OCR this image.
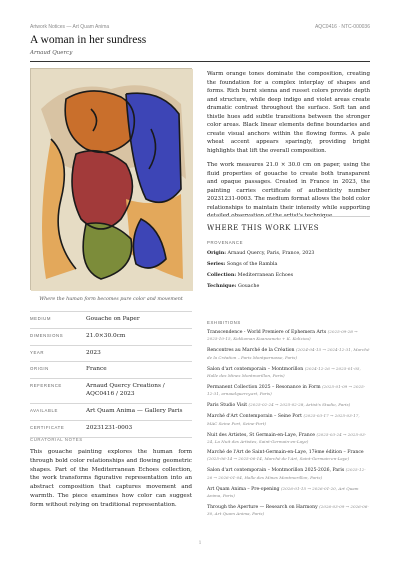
Artwork Notices — Art Quam Anima	AQC0416 · NTC-000036
A woman in her sundress
Arnaud Quercy
Where the human form becomes pure color and movement
MEDIUM	Gouache on Paper
DIMENSIONS	21.0×30.0cm
YEAR	2023
ORIGIN	France
REFERENCE	Arnaud Quercy Creations / AQC0416 / 2023
AVAILABLE	Art Quam Anima — Gallery Paris
CERTIFICATE	20231231-0003
CURATORIAL NOTES
This gouache painting explores the human form through bold color relationships and flowing geometric shapes. Part of the Mediterranean Echoes collection, the work transforms figurative representation into an abstract composition that captures movement and warmth. The piece examines how color can suggest form without relying on traditional representation.

Warm orange tones dominate the composition, creating the foundation for a complex interplay of shapes and forms. Rich burnt sienna and russet colors provide depth and structure, while deep indigo and violet areas create dramatic contrast throughout the surface. Soft tan and thistle hues add subtle transitions between the stronger color areas. Black linear elements define boundaries and create visual anchors within the flowing forms. A pale wheat accent appears sparingly, providing bright highlights that lift the overall composition.

The work measures 21.0 × 30.0 cm on paper, using the fluid properties of gouache to create both transparent and opaque passages. Created in France in 2023, the painting carries certificate of authenticity number 20231231-0003. The medium format allows the bold color relationships to maintain their intensity while supporting detailed observation of the artist's technique.

WHERE THIS WORK LIVES
PROVENANCE
Origin: Arnaud Quercy, Paris, France, 2023
Series: Songs of the Rambla
Collection: Mediterranean Echoes
Technique: Gouache
EXHIBITIONS
Transcendence - World Premiere of Ephemera Arts (2025-09-28 → 2025-10-15, Kokkoman Kuanzaneto + K. Koliziou)
Rencontres au Marché de la Création (2024-04-15 → 2024-12-31, Marché de la Création – Paris Montparnasse, Paris)
Salon d'art contemporain – Montmorillon (2024-12-26 → 2025-01-05, Halle des Mines Montmorillon, Paris)
Permanent Collection 2025 – Resonance in Form (2025-01-09 → 2025-12-31, arnaudquercy.art, Paris)
Paris Studio Visit (2025-02-24 → 2025-02-28, Artist's Studio, Paris)
Marché d'Art Contemporain – Seine Port (2025-03-17 → 2025-03-17, MAC Seine Port, Seine-Port)
Nuit des Artistes, St Germain-en-Laye, France (2025-03-24 → 2025-03-24, La Nuit des Artistes, Saint-Germain-en-Laye)
Marché de l'Art de Saint-Germain-en-Laye, 17ème édition – France (2025-06-14 → 2025-06-14, Marché de l'Art, Saint-Germain-en-Laye)
Salon d'art contemporain – Montmorillon 2025-2026, Paris (2025-12-26 → 2026-01-04, Halle des Mines Montmorillon, Paris)
Art Quam Anima – Pre-opening (2026-01-15 → 2026-01-20, Art Quam Anima, Paris)
Through the Aperture — Research on Harmony (2026-03-09 → 2026-06-30, Art Quam Anima, Paris)
1
